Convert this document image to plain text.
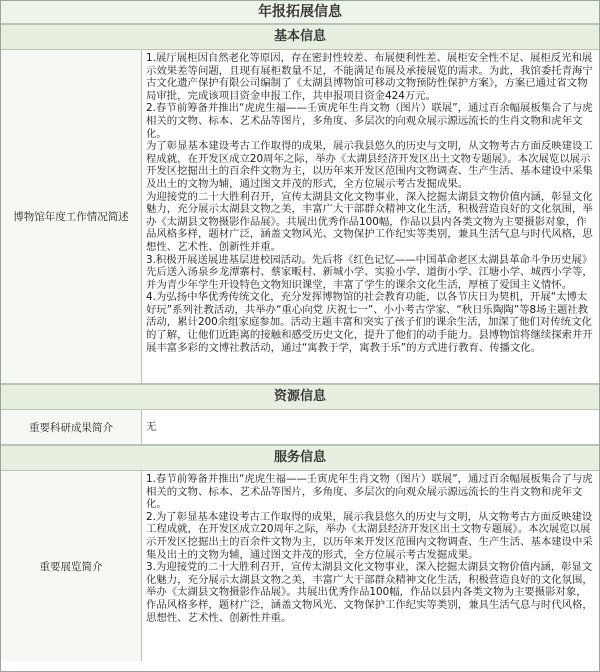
年报拓展信息
基本信息
博物馆年度工作情况简述

1.展厅展柜因自然老化等原因，存在密封性较差、布展便利性差、展柜安全性不足、展柜反光和展示效果差等问题，且现有展柜数量不足，不能满足布展及承接展览的需求。为此，我馆委托青海宁古文化遗产保护有限公司编制了《太湖县博物馆可移动文物预防性保护方案》，方案已通过省文物局审批，完成该项目资金申报工作，共申报项目资金424万元。

2.春节前筹备并推出“虎虎生福——壬寅虎年生肖文物（图片）联展”，通过百余幅展板集合了与虎相关的文物、标本、艺术品等图片，多角度、多层次的向观众展示源远流长的生肖文物和虎年文化。

为了彰显基本建设考古工作取得的成果，展示我县悠久的历史与文明，从文物考古方面反映建设工程成就，在开发区成立20周年之际，举办《太湖县经济开发区出土文物专题展》。本次展览以展示开发区挖掘出土的百余件文物为主，以历年来开发区范围内文物调查、生产生活、基本建设中采集及出土的文物为辅，通过图文并茂的形式，全方位展示考古发掘成果。

为迎接党的二十大胜利召开，宣传太湖县文化文物事业，深入挖掘太湖县文物价值内涵，彰显文化魅力，充分展示太湖县文物之美，丰富广大干部群众精神文化生活，积极营造良好的文化氛围，举办《太湖县文物摄影作品展》。共展出优秀作品100幅，作品以县内各类文物为主要摄影对象，作品风格多样，题材广泛，涵盖文物风光、文物保护工作纪实等类别，兼具生活气息与时代风格，思想性、艺术性、创新性并重。

3.积极开展送展进基层进校园活动。先后将《红色记忆——中国革命老区太湖县革命斗争历史展》先后送入汤泉乡龙潭寨村、蔡家畈村、新城小学、实验小学、道街小学、江塘小学、城西小学等，并为青少年学生开设特色文物知识课堂，丰富了学生的课余文化生活，厚植了爱国主义情怀。

4.为弘扬中华优秀传统文化，充分发挥博物馆的社会教育功能，以各节庆日为契机，开展“太博太好玩”系列社教活动，共举办“重心向党 庆祝七一”、小小考古学家、“秋日乐陶陶”等8场主题社教活动，累计200余组家庭参加。活动主题丰富和突实了孩子们的课余生活，加深了他们对传统文化的了解，让他们近距离的接触和感受历史文化，提升了他们的动手能力。县博物馆将继续探索并开展丰富多彩的文博社教活动，通过“寓教于学，寓教于乐”的方式进行教育、传播文化。

资源信息
重要科研成果简介	无
服务信息
重要展览简介

1.春节前筹备并推出“虎虎生福——壬寅虎年生肖文物（图片）联展”，通过百余幅展板集合了与虎相关的文物、标本、艺术品等图片，多角度、多层次的向观众展示源远流长的生肖文物和虎年文化。

2.为了彰显基本建设考古工作取得的成果，展示我县悠久的历史与文明，从文物考古方面反映建设工程成就，在开发区成立20周年之际，举办《太湖县经济开发区出土文物专题展》。本次展览以展示开发区挖掘出土的百余件文物为主，以历年来开发区范围内文物调查、生产生活、基本建设中采集及出土的文物为辅，通过图文并茂的形式，全方位展示考古发掘成果。

3.为迎接党的二十大胜利召开，宣传太湖县文化文物事业，深入挖掘太湖县文物价值内涵，彰显文化魅力，充分展示太湖县文物之美，丰富广大干部群众精神文化生活，积极营造良好的文化氛围，举办《太湖县文物摄影作品展》。共展出优秀作品100幅，作品以县内各类文物为主要摄影对象，作品风格多样，题材广泛，涵盖文物风光、文物保护工作纪实等类别，兼具生活气息与时代风格，思想性、艺术性、创新性并重。
